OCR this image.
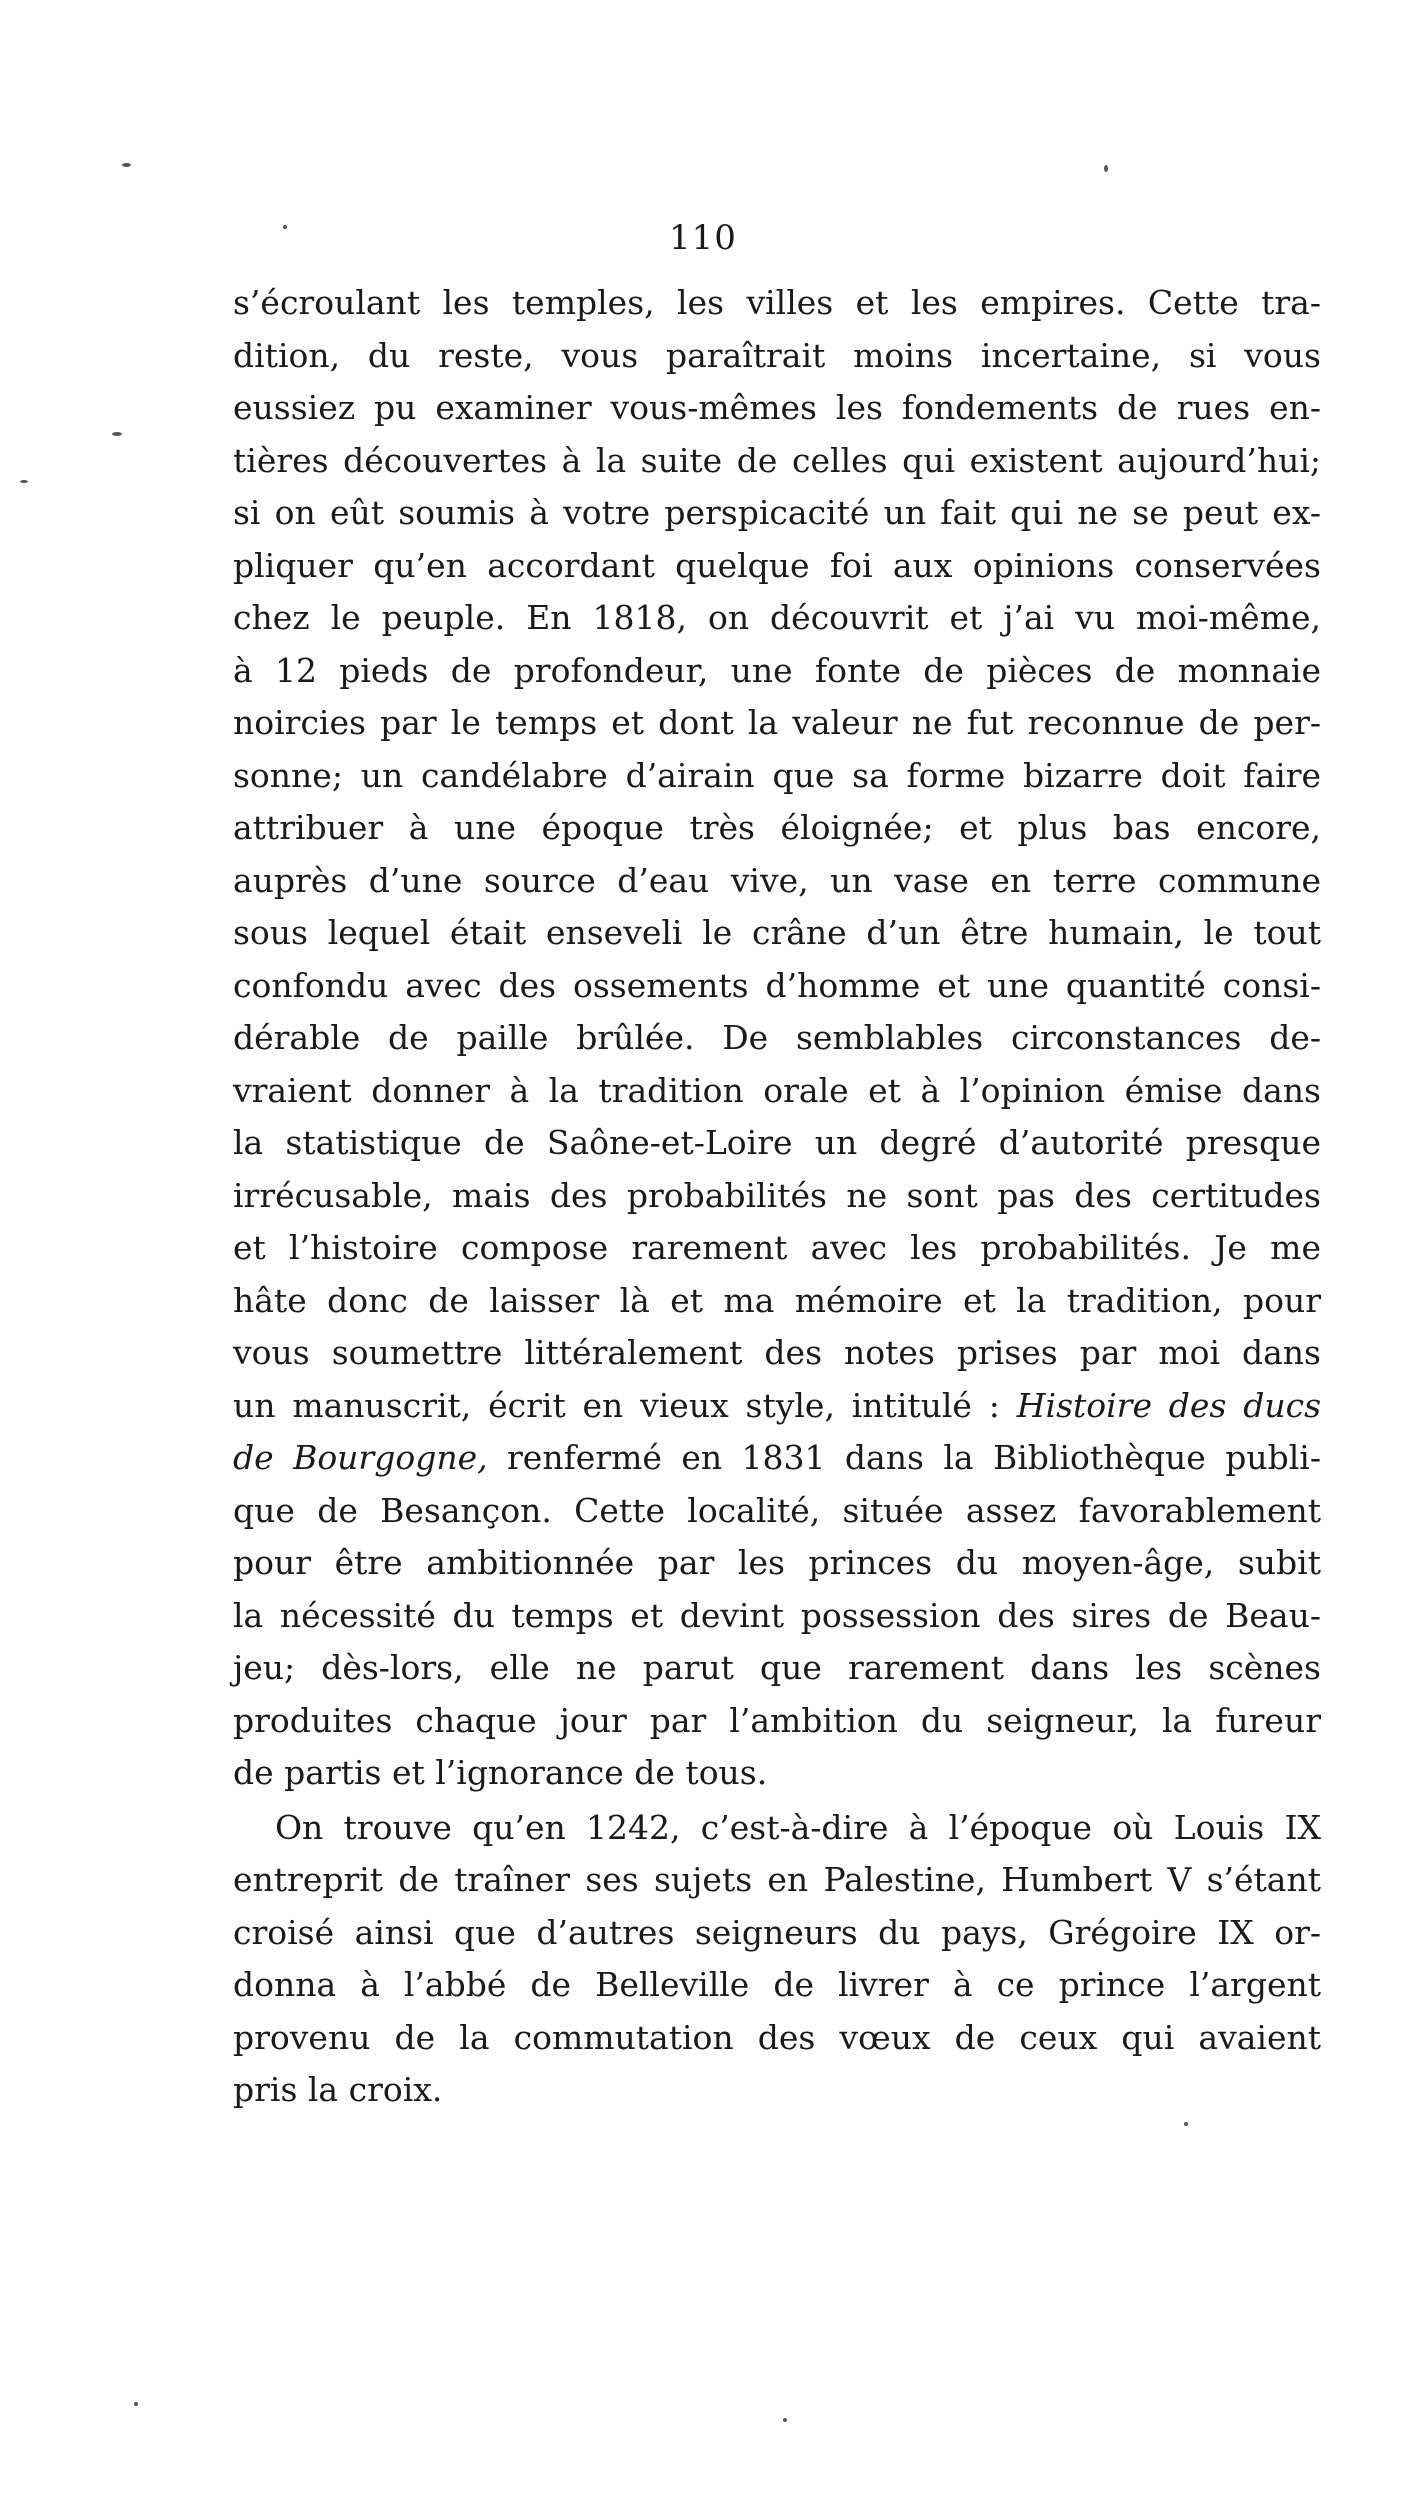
110
s’écroulant les temples, les villes et les empires. Cette tra-
dition, du reste, vous paraîtrait moins incertaine, si vous
eussiez pu examiner vous-mêmes les fondements de rues en-
tières découvertes à la suite de celles qui existent aujourd’hui;
si on eût soumis à votre perspicacité un fait qui ne se peut ex-
pliquer qu’en accordant quelque foi aux opinions conservées
chez le peuple. En 1818, on découvrit et j’ai vu moi-même,
à 12 pieds de profondeur, une fonte de pièces de monnaie
noircies par le temps et dont la valeur ne fut reconnue de per-
sonne; un candélabre d’airain que sa forme bizarre doit faire
attribuer à une époque très éloignée; et plus bas encore,
auprès d’une source d’eau vive, un vase en terre commune
sous lequel était enseveli le crâne d’un être humain, le tout
confondu avec des ossements d’homme et une quantité consi-
dérable de paille brûlée. De semblables circonstances de-
vraient donner à la tradition orale et à l’opinion émise dans
la statistique de Saône-et-Loire un degré d’autorité presque
irrécusable, mais des probabilités ne sont pas des certitudes
et l’histoire compose rarement avec les probabilités. Je me
hâte donc de laisser là et ma mémoire et la tradition, pour
vous soumettre littéralement des notes prises par moi dans
un manuscrit, écrit en vieux style, intitulé : Histoire des ducs
de Bourgogne, renfermé en 1831 dans la Bibliothèque publi-
que de Besançon. Cette localité, située assez favorablement
pour être ambitionnée par les princes du moyen-âge, subit
la nécessité du temps et devint possession des sires de Beau-
jeu; dès-lors, elle ne parut que rarement dans les scènes
produites chaque jour par l’ambition du seigneur, la fureur
de partis et l’ignorance de tous.
On trouve qu’en 1242, c’est-à-dire à l’époque où Louis IX
entreprit de traîner ses sujets en Palestine, Humbert V s’étant
croisé ainsi que d’autres seigneurs du pays, Grégoire IX or-
donna à l’abbé de Belleville de livrer à ce prince l’argent
provenu de la commutation des vœux de ceux qui avaient
pris la croix.
